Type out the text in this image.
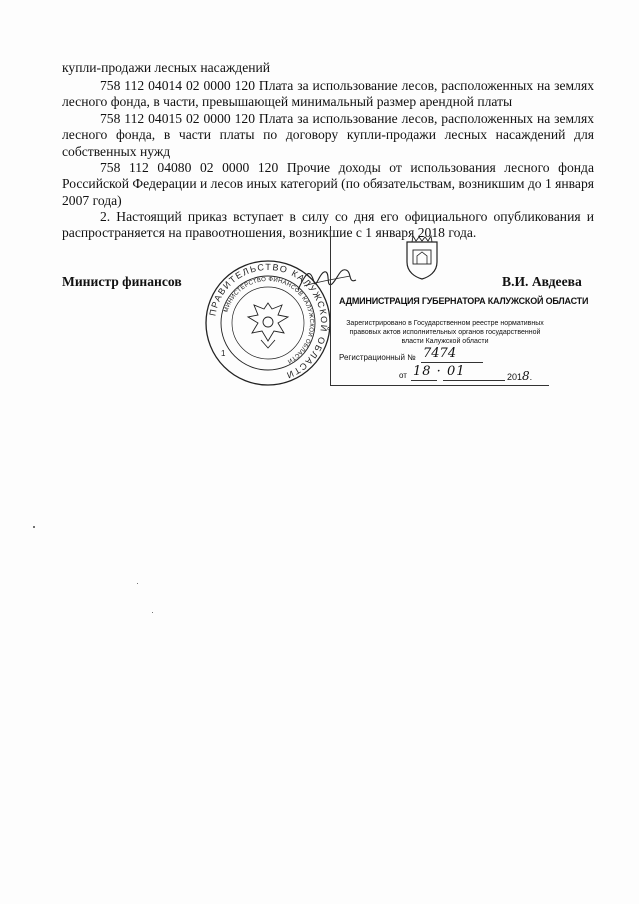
купли-продажи лесных насаждений
758 112 04014 02 0000 120 Плата за использование лесов, расположенных на землях лесного фонда, в части, превышающей минимальный размер арендной платы
758 112 04015 02 0000 120 Плата за использование лесов, расположенных на землях лесного фонда, в части платы по договору купли-продажи лесных насаждений для собственных нужд
758 112 04080 02 0000 120 Прочие доходы от использования лесного фонда Российской Федерации и лесов иных категорий (по обязательствам, возникшим до 1 января 2007 года)
2. Настоящий приказ вступает в силу со дня его официального опубликования и распространяется на правоотношения, возникшие с 1 января 2018 года.
Министр финансов	В.И. Авдеева
ПРАВИТЕЛЬСТВО КАЛУЖСКОЙ ОБЛАСТИ
МИНИСТЕРСТВО ФИНАНСОВ КАЛУЖСКОЙ ОБЛАСТИ
1
АДМИНИСТРАЦИЯ ГУБЕРНАТОРА КАЛУЖСКОЙ ОБЛАСТИ
Зарегистрировано в Государственном реестре нормативных правовых актов исполнительных органов государственной власти Калужской области
Регистрационный № 7474
от 18 · 01	2018.
